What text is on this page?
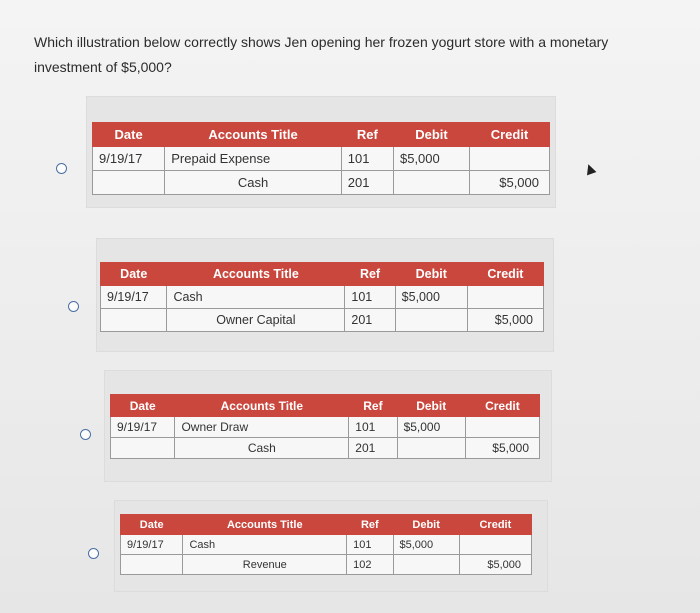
Which illustration below correctly shows Jen opening her frozen yogurt store with a monetary investment of $5,000?
Date	Accounts Title	Ref	Debit	Credit
9/19/17	Prepaid Expense	101	$5,000	
	Cash	201		$5,000
Date	Accounts Title	Ref	Debit	Credit
9/19/17	Cash	101	$5,000	
	Owner Capital	201		$5,000
Date	Accounts Title	Ref	Debit	Credit
9/19/17	Owner Draw	101	$5,000	
	Cash	201		$5,000
Date	Accounts Title	Ref	Debit	Credit
9/19/17	Cash	101	$5,000	
	Revenue	102		$5,000
